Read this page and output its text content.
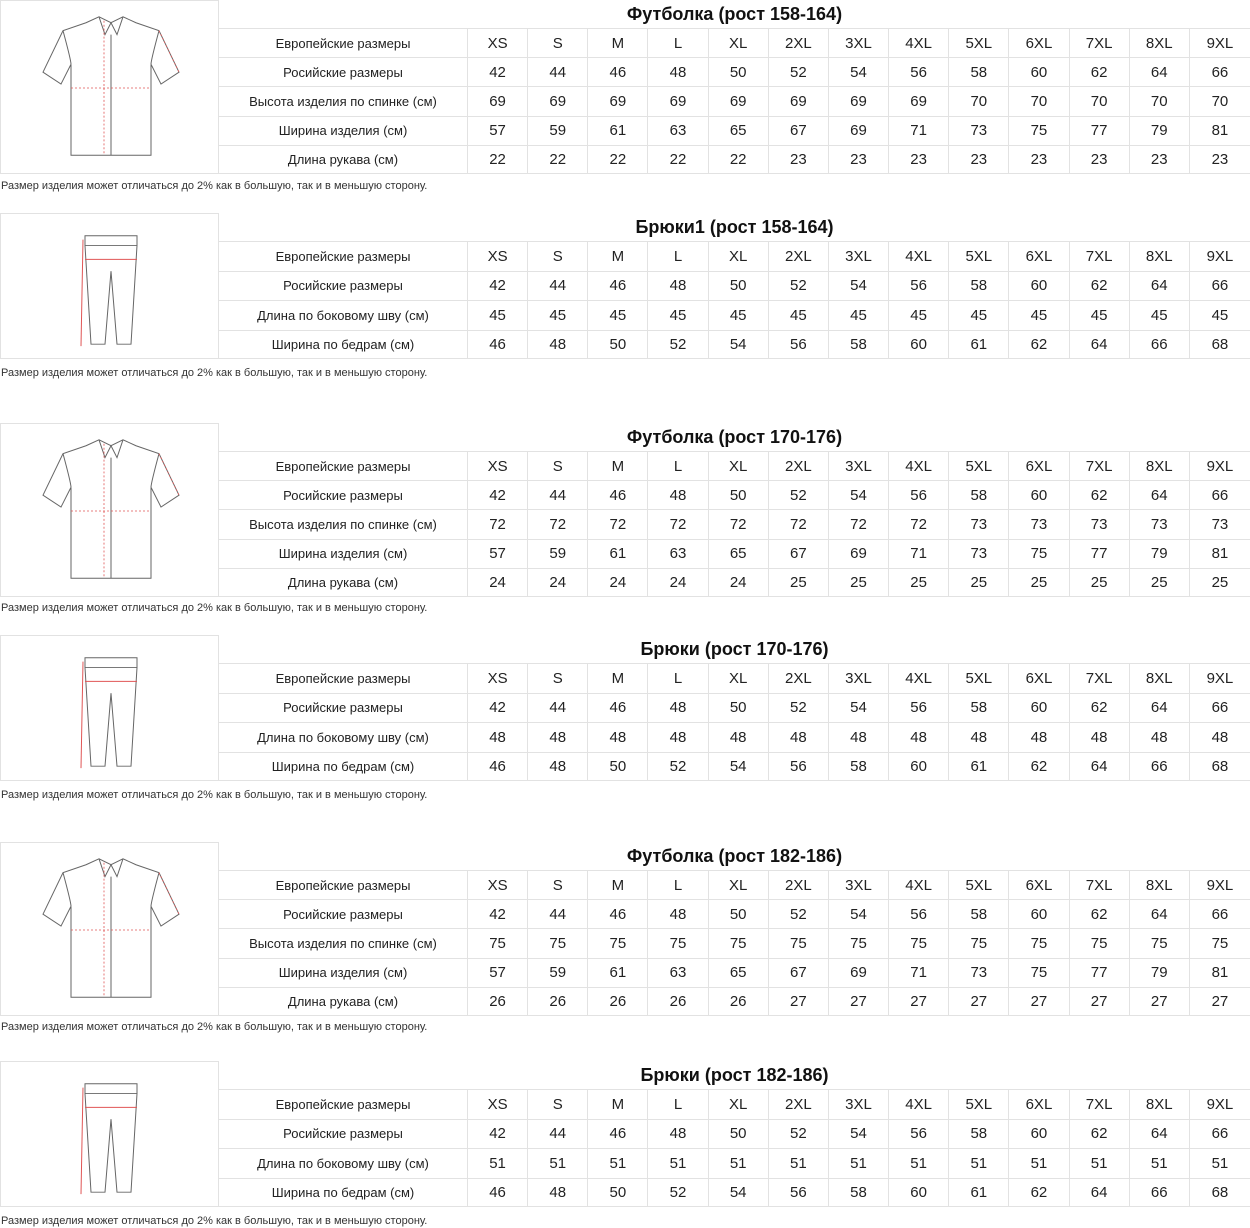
Футболка (рост 158-164)
Европейские размеры	XS	S	M	L	XL	2XL	3XL	4XL	5XL	6XL	7XL	8XL	9XL
Росийские размеры	42	44	46	48	50	52	54	56	58	60	62	64	66
Высота изделия по спинке (см)	69	69	69	69	69	69	69	69	70	70	70	70	70
Ширина изделия (см)	57	59	61	63	65	67	69	71	73	75	77	79	81
Длина рукава (см)	22	22	22	22	22	23	23	23	23	23	23	23	23
Размер изделия может отличаться до 2% как в большую, так и в меньшую сторону.
Брюки1 (рост 158-164)
Европейские размеры	XS	S	M	L	XL	2XL	3XL	4XL	5XL	6XL	7XL	8XL	9XL
Росийские размеры	42	44	46	48	50	52	54	56	58	60	62	64	66
Длина по боковому шву (см)	45	45	45	45	45	45	45	45	45	45	45	45	45
Ширина по бедрам (см)	46	48	50	52	54	56	58	60	61	62	64	66	68
Размер изделия может отличаться до 2% как в большую, так и в меньшую сторону.
Футболка (рост 170-176)
Европейские размеры	XS	S	M	L	XL	2XL	3XL	4XL	5XL	6XL	7XL	8XL	9XL
Росийские размеры	42	44	46	48	50	52	54	56	58	60	62	64	66
Высота изделия по спинке (см)	72	72	72	72	72	72	72	72	73	73	73	73	73
Ширина изделия (см)	57	59	61	63	65	67	69	71	73	75	77	79	81
Длина рукава (см)	24	24	24	24	24	25	25	25	25	25	25	25	25
Размер изделия может отличаться до 2% как в большую, так и в меньшую сторону.
Брюки (рост 170-176)
Европейские размеры	XS	S	M	L	XL	2XL	3XL	4XL	5XL	6XL	7XL	8XL	9XL
Росийские размеры	42	44	46	48	50	52	54	56	58	60	62	64	66
Длина по боковому шву (см)	48	48	48	48	48	48	48	48	48	48	48	48	48
Ширина по бедрам (см)	46	48	50	52	54	56	58	60	61	62	64	66	68
Размер изделия может отличаться до 2% как в большую, так и в меньшую сторону.
Футболка (рост 182-186)
Европейские размеры	XS	S	M	L	XL	2XL	3XL	4XL	5XL	6XL	7XL	8XL	9XL
Росийские размеры	42	44	46	48	50	52	54	56	58	60	62	64	66
Высота изделия по спинке (см)	75	75	75	75	75	75	75	75	75	75	75	75	75
Ширина изделия (см)	57	59	61	63	65	67	69	71	73	75	77	79	81
Длина рукава (см)	26	26	26	26	26	27	27	27	27	27	27	27	27
Размер изделия может отличаться до 2% как в большую, так и в меньшую сторону.
Брюки (рост 182-186)
Европейские размеры	XS	S	M	L	XL	2XL	3XL	4XL	5XL	6XL	7XL	8XL	9XL
Росийские размеры	42	44	46	48	50	52	54	56	58	60	62	64	66
Длина по боковому шву (см)	51	51	51	51	51	51	51	51	51	51	51	51	51
Ширина по бедрам (см)	46	48	50	52	54	56	58	60	61	62	64	66	68
Размер изделия может отличаться до 2% как в большую, так и в меньшую сторону.
